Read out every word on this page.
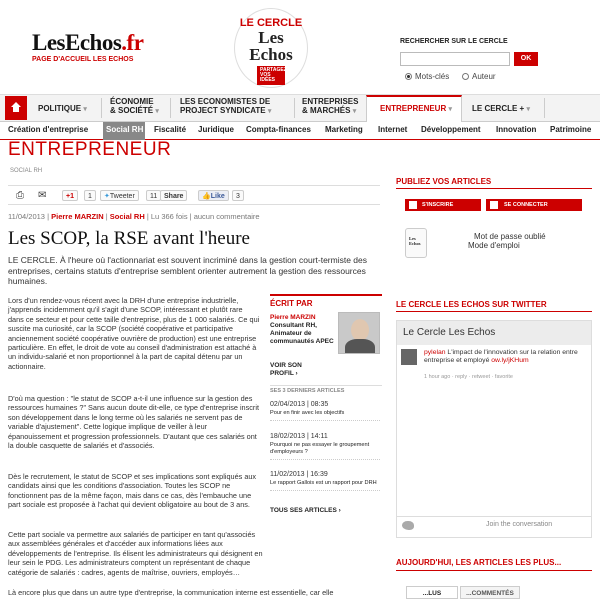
LesEchos.fr
PAGE D'ACCUEIL LES ECHOS
LE CERCLE
Les Echos
PARTAGEZ VOS IDÉES
RECHERCHER SUR LE CERCLE
OK
Mots-clés	Auteur
POLITIQUE ▾
ÉCONOMIE & SOCIÉTÉ ▾
LES ECONOMISTES DE PROJECT SYNDICATE ▾
ENTREPRISES & MARCHÉS ▾	ENTREPRENEUR ▾	LE CERCLE + ▾
Création d'entreprise Social RH Fiscalité Juridique Compta-finances Marketing Internet Développement Innovation Patrimoine
ENTREPRENEUR
SOCIAL RH
⎙ ✉	+1	1	✦Tweeter	11 Share	👍Like	3
11/04/2013 | Pierre MARZIN | Social RH | Lu 366 fois | aucun commentaire
Les SCOP, la RSE avant l'heure
LE CERCLE. À l'heure où l'actionnariat est souvent incriminé dans la gestion court-termiste des entreprises, certains statuts d'entreprise semblent orienter autrement la gestion des ressources humaines.
Lors d'un rendez-vous récent avec la DRH d'une entreprise industrielle, j'apprends incidemment qu'il s'agit d'une SCOP, intéressant et plutôt rare dans ce secteur et pour cette taille d'entreprise, plus de 1 000 salariés. Ce qui suscite ma curiosité, car la SCOP (société coopérative et participative anciennement société coopérative ouvrière de production) est une entreprise particulière. En effet, le droit de vote au conseil d'administration est attaché à un individu-salarié et non proportionnel à la part de capital détenu par un actionnaire.
D'où ma question : "le statut de SCOP a-t-il une influence sur la gestion des ressources humaines ?" Sans aucun doute dit-elle, ce type d'entreprise inscrit son développement dans le long terme où les salariés ne servent pas de variable d'ajustement". Cette logique implique de veiller à leur épanouissement et progression professionnels. D'autant que ces salariés ont la double casquette de salariés et d'associés.
Dès le recrutement, le statut de SCOP et ses implications sont expliqués aux candidats ainsi que les conditions d'association. Toutes les SCOP ne fonctionnent pas de la même façon, mais dans ce cas, dès l'embauche une part sociale est proposée à l'achat qui devient obligatoire au bout de 3 ans.
Cette part sociale va permettre aux salariés de participer en tant qu'associés aux assemblées générales et d'accéder aux informations liées aux développements de l'entreprise. Ils élisent les administrateurs qui désignent en leur sein le PDG. Les administrateurs comptent un représentant de chaque catégorie de salariés : cadres, agents de maîtrise, ouvriers, employés…
Là encore plus que dans un autre type d'entreprise, la communication interne est essentielle, car elle
ÉCRIT PAR
Pierre MARZIN
Consultant RH, Animateur de communautés APEC
VOIR SON PROFIL ›
SES 3 DERNIERS ARTICLES
02/04/2013 | 08:35
Pour en finir avec les objectifs
18/02/2013 | 14:11
Pourquoi ne pas essayer le groupement d'employeurs ?
11/02/2013 | 16:39
Le rapport Gallois est un rapport pour DRH
TOUS SES ARTICLES ›
PUBLIEZ VOS ARTICLES
S'INSCRIRE	SE CONNECTER
Les Echos
Mot de passe oublié
Mode d'emploi
LE CERCLE LES ECHOS SUR TWITTER
Le Cercle Les Echos
pylelan L'impact de l'innovation sur la relation entre entreprise et employé ow.ly/jKHum
1 hour ago · reply · retweet · favorite
Join the conversation
AUJOURD'HUI, LES ARTICLES LES PLUS...
...LUS	...COMMENTÉS
